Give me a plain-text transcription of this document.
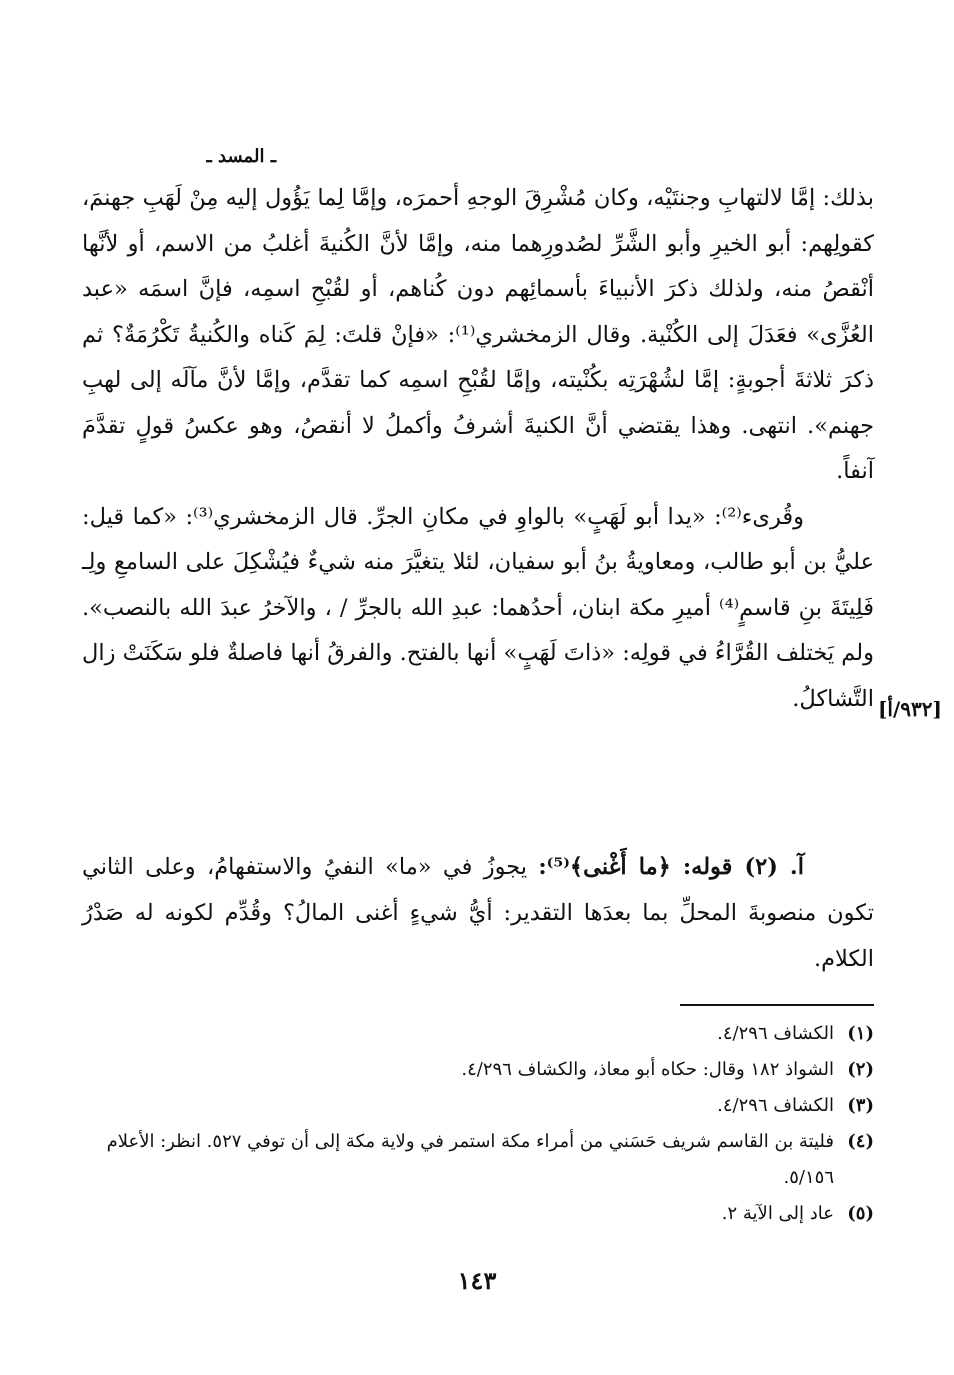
ـ المسد ـ

بذلك: إمَّا لالتهابِ وجنتَيْه، وكان مُشْرِقَ الوجهِ أحمرَه، وإمَّا لِما يَؤُول إليه مِنْ لَهَبِ جهنمَ، كقولِهم: أبو الخيرِ وأبو الشَّرِّ لصُدورِهما منه، وإمَّا لأنَّ الكُنيةَ أغلبُ من الاسم، أو لأنَّها أنْقصُ منه، ولذلك ذكرَ الأنبياءَ بأسمائِهم دون كُناهم، أو لقُبْحِ اسمِه، فإنَّ اسمَه «عبد العُزَّى» فعَدَلَ إلى الكُنْية. وقال الزمخشري⁽¹⁾: «فإنْ قلتَ: لِمَ كَناه والكُنيةُ تَكْرُمَةٌ؟ ثم ذكرَ ثلاثةَ أجوبةٍ: إمَّا لشُهْرَتِه بكُنْيته، وإمَّا لقُبْحِ اسمِه كما تقدَّم، وإمَّا لأنَّ مآلَه إلى لهبِ جهنم». انتهى. وهذا يقتضي أنَّ الكنيةَ أشرفُ وأكملُ لا أنقصُ، وهو عكسُ قولٍ تقدَّمَ آنفاً.

وقُرىء⁽²⁾: «يدا أبو لَهَبٍ» بالواوِ في مكانِ الجرِّ. قال الزمخشري⁽³⁾: «كما قيل: عليُّ بن أبو طالب، ومعاويةُ بنُ أبو سفيان، لئلا يتغيَّرَ منه شيءٌ فيُشْكِلَ على السامعِ ولِـ فَلِيتَةَ بنِ قاسمٍ⁽⁴⁾ أميرِ مكة ابنان، أحدُهما: عبدِ الله بالجرِّ / ، والآخرُ عبدَ الله بالنصب». ولم يَختلف القُرَّاءُ في قولِه: «ذاتَ لَهَبٍ» أنها بالفتح. والفرقُ أنها فاصلةٌ فلو سَكَنَتْ زال التَّشاكلُ. [٩٣٢/أ]

آ. (٢) قوله: ﴿ما أَغْنى﴾⁽⁵⁾: يجوزُ في «ما» النفيُ والاستفهامُ، وعلى الثاني تكون منصوبةَ المحلِّ بما بعدَها التقدير: أيُّ شيءٍ أغنى المالُ؟ وقُدِّم لكونه له صَدْرُ الكلام.

(١)
الكشاف ٤/٢٩٦.
(٢)
الشواذ ١٨٢ وقال: حكاه أبو معاذ، والكشاف ٤/٢٩٦.
(٣)
الكشاف ٤/٢٩٦.
(٤)
فليتة بن القاسم شريف حَسَني من أمراء مكة استمر في ولاية مكة إلى أن توفي ٥٢٧. انظر: الأعلام ٥/١٥٦.
(٥)
عاد إلى الآية ٢.
١٤٣
